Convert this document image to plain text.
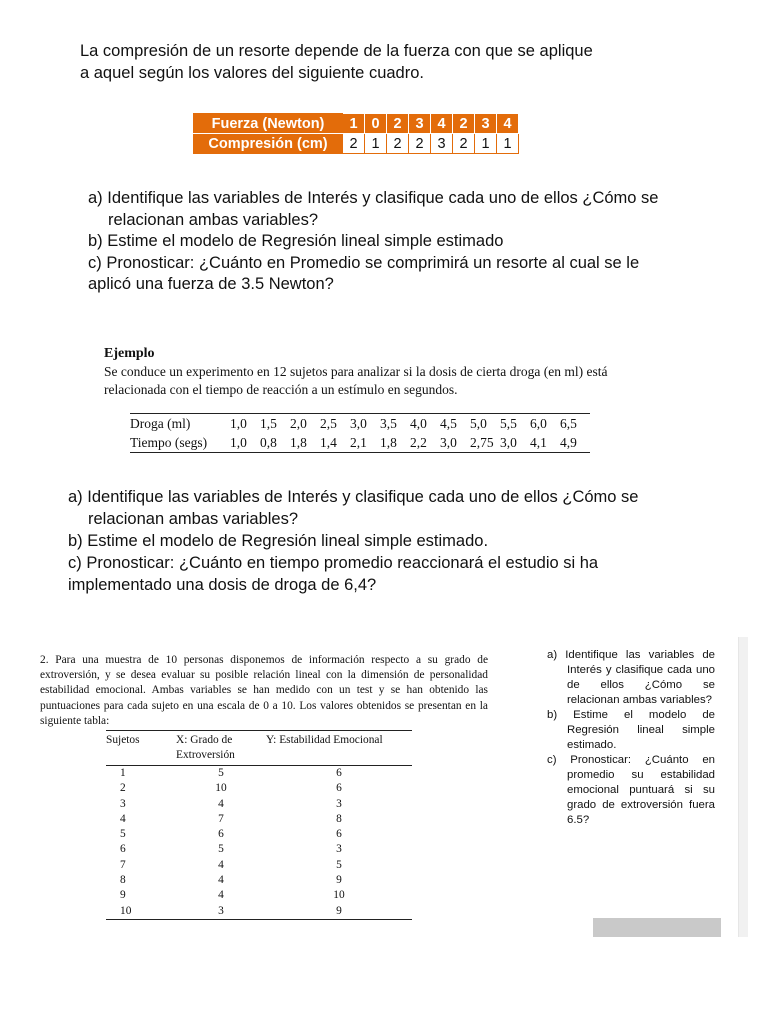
La compresión de un resorte depende de la fuerza con que se aplique
a aquel según los valores del siguiente cuadro.
Fuerza (Newton)	1	0	2	3	4	2	3	4
Compresión (cm)	2	1	2	2	3	2	1	1
a) Identifique las variables de Interés y clasifique cada uno de ellos ¿Cómo se
relacionan ambas variables?
b) Estime el modelo de Regresión lineal simple estimado
c) Pronosticar: ¿Cuánto en Promedio se comprimirá un resorte al cual se le
aplicó una fuerza de 3.5 Newton?
Ejemplo
Se conduce un experimento en 12 sujetos para analizar si la dosis de cierta droga (en ml) está
relacionada con el tiempo de reacción a un estímulo en segundos.
Droga (ml)	1,0	1,5	2,0	2,5	3,0	3,5	4,0	4,5	5,0	5,5	6,0	6,5
Tiempo (segs)	1,0	0,8	1,8	1,4	2,1	1,8	2,2	3,0	2,75	3,0	4,1	4,9
a) Identifique las variables de Interés y clasifique cada uno de ellos ¿Cómo se
relacionan ambas variables?
b) Estime el modelo de Regresión lineal simple estimado.
c) Pronosticar: ¿Cuánto en tiempo promedio reaccionará el estudio si ha
implementado una dosis de droga de 6,4?
2. Para una muestra de 10 personas disponemos de información respecto a su grado de extroversión, y se desea evaluar su posible relación lineal con la dimensión de personalidad estabilidad emocional. Ambas variables se han medido con un test y se han obtenido las puntuaciones para cada sujeto en una escala de 0 a 10. Los valores obtenidos se presentan en la siguiente tabla:
Sujetos	X: Grado de Extroversión	Y: Estabilidad Emocional
1	5	6
2	10	6
3	4	3
4	7	8
5	6	6
6	5	3
7	4	5
8	4	9
9	4	10
10	3	9
a) Identifique las variables de Interés y clasifique cada uno de ellos ¿Cómo se relacionan ambas variables?
b) Estime el modelo de Regresión lineal simple estimado.
c) Pronosticar: ¿Cuánto en promedio su estabilidad emocional puntuará si su grado de extroversión fuera 6.5?
